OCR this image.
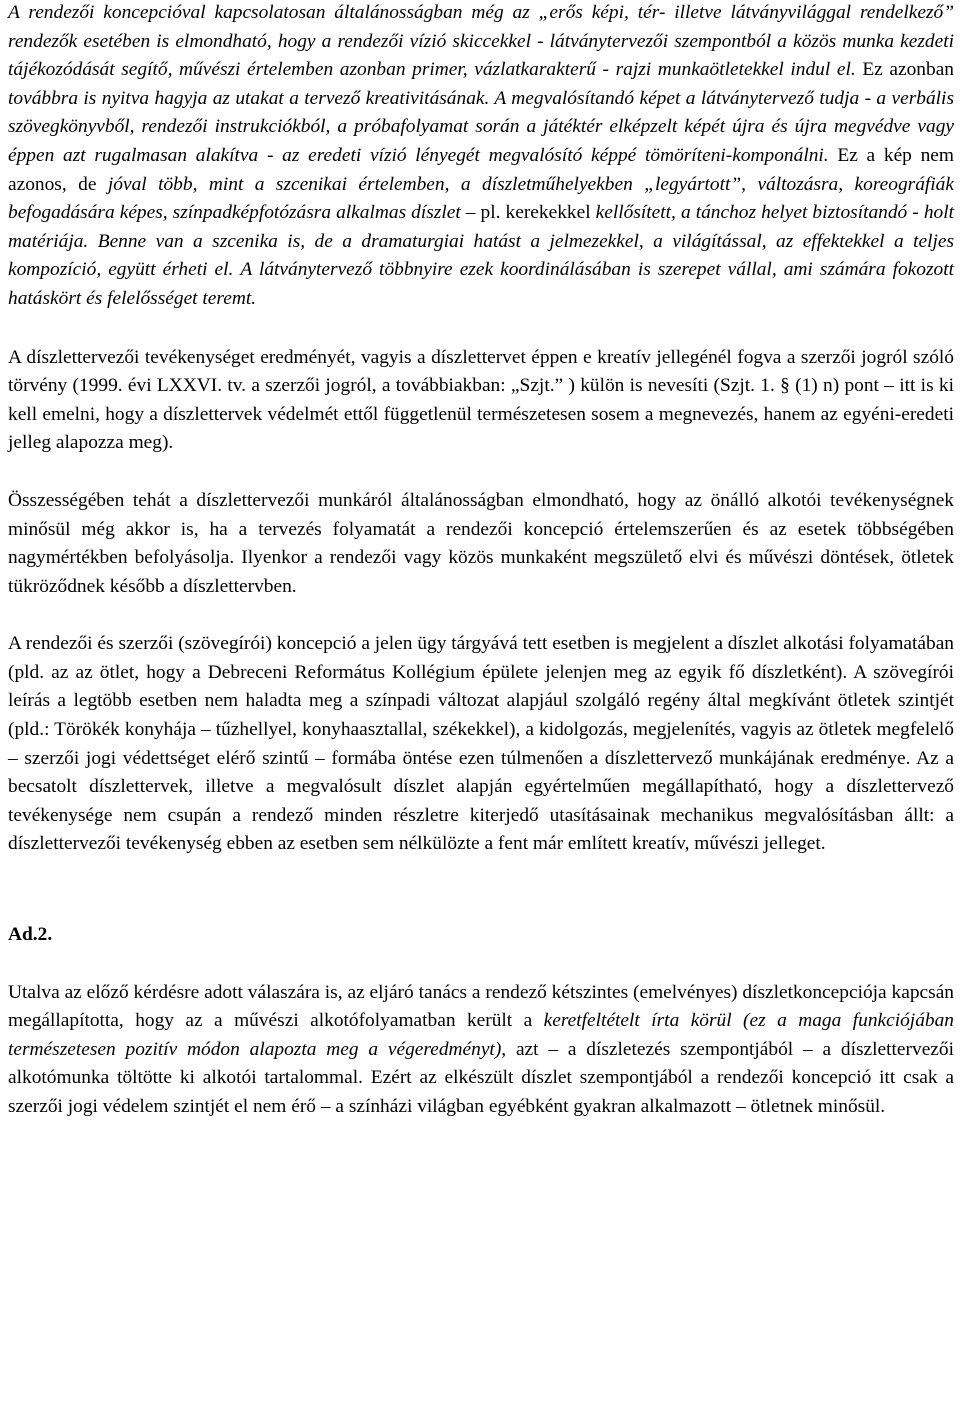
A rendezői koncepcióval kapcsolatosan általánosságban még az „erős képi, tér- illetve látványvilággal rendelkező” rendezők esetében is elmondható, hogy a rendezői vízió skiccekkel - látványtervezői szempontból a közös munka kezdeti tájékozódását segítő, művészi értelemben azonban primer, vázlatkarakterű - rajzi munkaötletekkel indul el. Ez azonban továbbra is nyitva hagyja az utakat a tervező kreativitásának. A megvalósítandó képet a látványtervező tudja - a verbális szövegkönyvből, rendezői instrukciókból, a próbafolyamat során a játéktér elképzelt képét újra és újra megvédve vagy éppen azt rugalmasan alakítva - az eredeti vízió lényegét megvalósító képpé tömöríteni-komponálni. Ez a kép nem azonos, de jóval több, mint a szcenikai értelemben, a díszletműhelyekben „legyártott”, változásra, koreográfiák befogadására képes, színpadképfotózásra alkalmas díszlet – pl. kerekekkel kellősített, a tánchoz helyet biztosítandó - holt matériája. Benne van a szcenika is, de a dramaturgiai hatást a jelmezekkel, a világítással, az effektekkel a teljes kompozíció, együtt érheti el. A látványtervező többnyire ezek koordinálásában is szerepet vállal, ami számára fokozott hatáskört és felelősséget teremt.

A díszlettervezői tevékenységet eredményét, vagyis a díszlettervet éppen e kreatív jellegénél fogva a szerzői jogról szóló törvény (1999. évi LXXVI. tv. a szerzői jogról, a továbbiakban: „Szjt.” ) külön is nevesíti (Szjt. 1. § (1) n) pont – itt is ki kell emelni, hogy a díszlettervek védelmét ettől függetlenül természetesen sosem a megnevezés, hanem az egyéni-eredeti jelleg alapozza meg).

Összességében tehát a díszlettervezői munkáról általánosságban elmondható, hogy az önálló alkotói tevékenységnek minősül még akkor is, ha a tervezés folyamatát a rendezői koncepció értelemszerűen és az esetek többségében nagymértékben befolyásolja. Ilyenkor a rendezői vagy közös munkaként megszülető elvi és művészi döntések, ötletek tükröződnek később a díszlettervben.

A rendezői és szerzői (szövegírói) koncepció a jelen ügy tárgyává tett esetben is megjelent a díszlet alkotási folyamatában (pld. az az ötlet, hogy a Debreceni Református Kollégium épülete jelenjen meg az egyik fő díszletként). A szövegírói leírás a legtöbb esetben nem haladta meg a színpadi változat alapjául szolgáló regény által megkívánt ötletek szintjét (pld.: Törökék konyhája – tűzhellyel, konyhaasztallal, székekkel), a kidolgozás, megjelenítés, vagyis az ötletek megfelelő – szerzői jogi védettséget elérő szintű – formába öntése ezen túlmenően a díszlettervező munkájának eredménye. Az a becsatolt díszlettervek, illetve a megvalósult díszlet alapján egyértelműen megállapítható, hogy a díszlettervező tevékenysége nem csupán a rendező minden részletre kiterjedő utasításainak mechanikus megvalósításban állt: a díszlettervezői tevékenység ebben az esetben sem nélkülözte a fent már említett kreatív, művészi jelleget.

Ad.2.

Utalva az előző kérdésre adott válaszára is, az eljáró tanács a rendező kétszintes (emelvényes) díszletkoncepciója kapcsán megállapította, hogy az a művészi alkotófolyamatban került a keretfeltételt írta körül (ez a maga funkciójában természetesen pozitív módon alapozta meg a végeredményt), azt – a díszletezés szempontjából – a díszlettervezői alkotómunka töltötte ki alkotói tartalommal. Ezért az elkészült díszlet szempontjából a rendezői koncepció itt csak a szerzői jogi védelem szintjét el nem érő – a színházi világban egyébként gyakran alkalmazott – ötletnek minősül.
